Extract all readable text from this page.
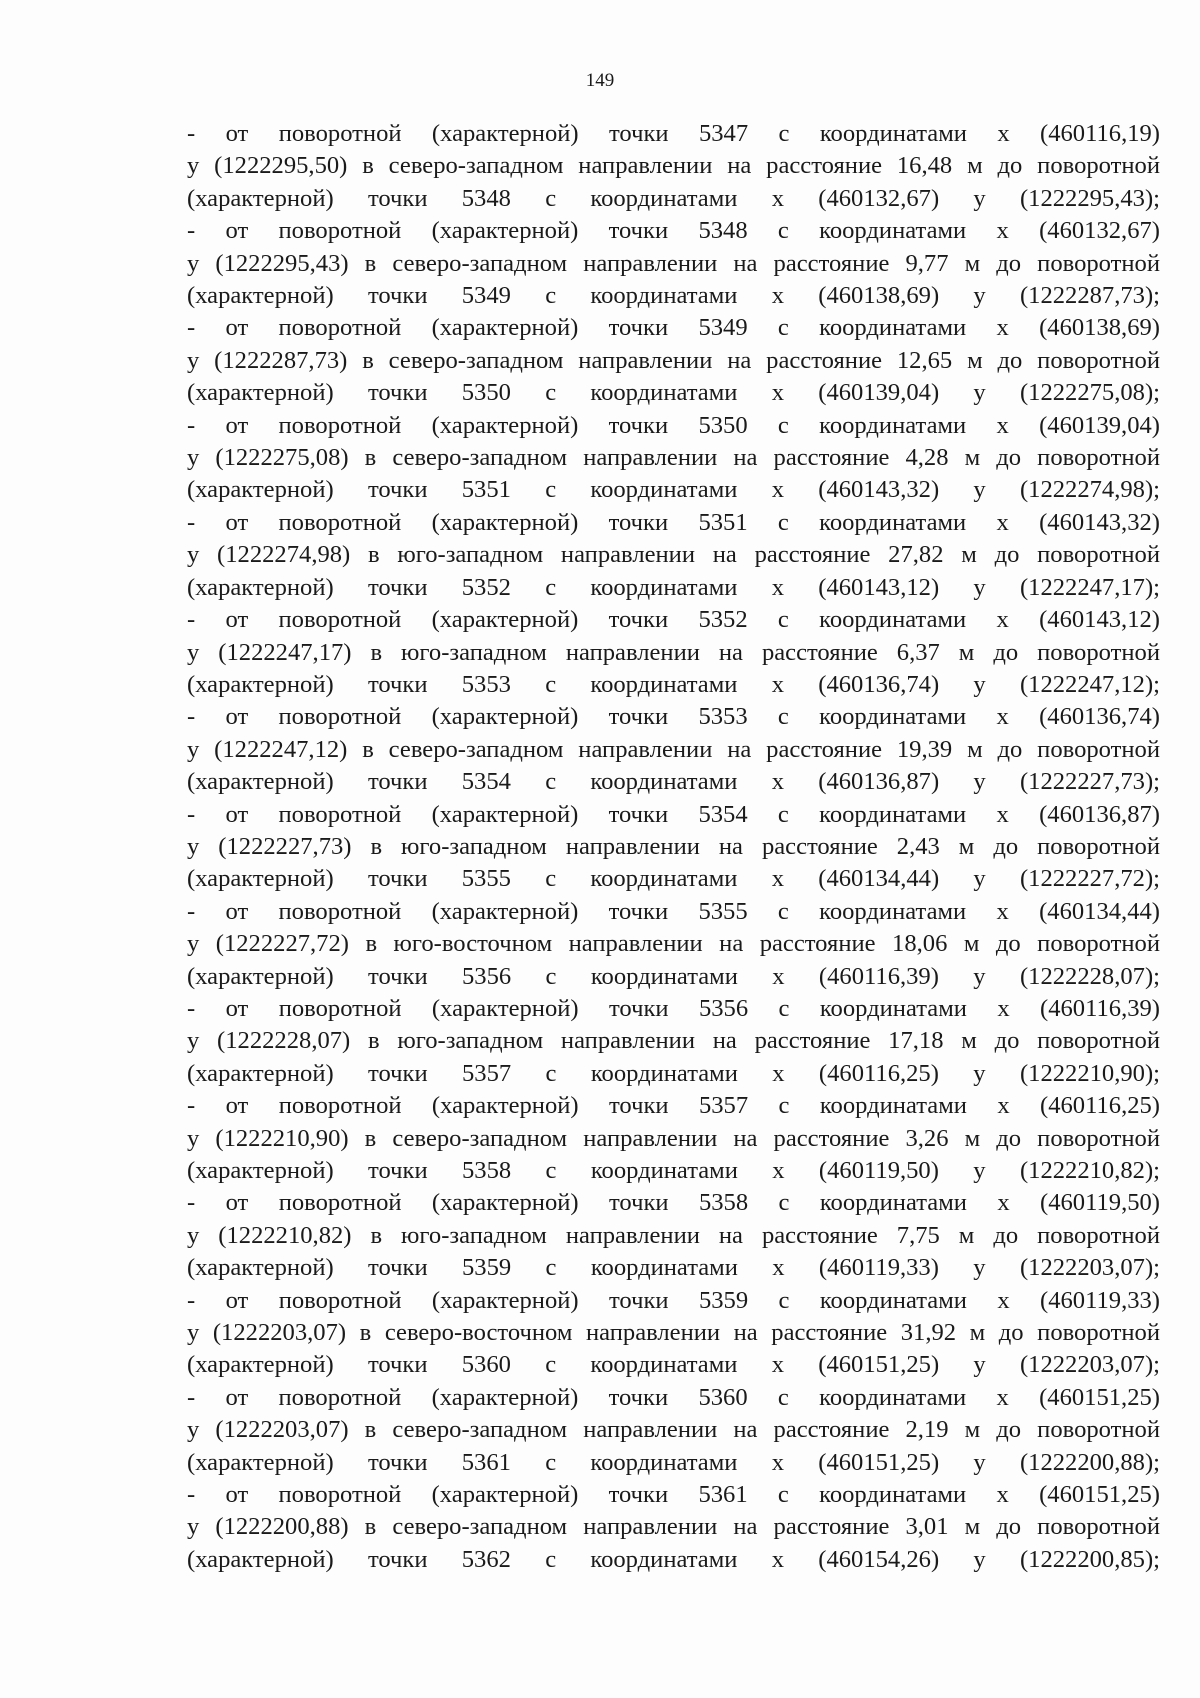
149

- от поворотной (характерной) точки 5347 с координатами х (460116,19)
у (1222295,50) в северо-западном направлении на расстояние 16,48 м до поворотной
(характерной) точки 5348 с координатами х (460132,67) у (1222295,43);

- от поворотной (характерной) точки 5348 с координатами х (460132,67)
у (1222295,43) в северо-западном направлении на расстояние 9,77 м до поворотной
(характерной) точки 5349 с координатами х (460138,69) у (1222287,73);

- от поворотной (характерной) точки 5349 с координатами х (460138,69)
у (1222287,73) в северо-западном направлении на расстояние 12,65 м до поворотной
(характерной) точки 5350 с координатами х (460139,04) у (1222275,08);

- от поворотной (характерной) точки 5350 с координатами х (460139,04)
у (1222275,08) в северо-западном направлении на расстояние 4,28 м до поворотной
(характерной) точки 5351 с координатами х (460143,32) у (1222274,98);

- от поворотной (характерной) точки 5351 с координатами х (460143,32)
у (1222274,98) в юго-западном направлении на расстояние 27,82 м до поворотной
(характерной) точки 5352 с координатами х (460143,12) у (1222247,17);

- от поворотной (характерной) точки 5352 с координатами х (460143,12)
у (1222247,17) в юго-западном направлении на расстояние 6,37 м до поворотной
(характерной) точки 5353 с координатами х (460136,74) у (1222247,12);

- от поворотной (характерной) точки 5353 с координатами х (460136,74)
у (1222247,12) в северо-западном направлении на расстояние 19,39 м до поворотной
(характерной) точки 5354 с координатами х (460136,87) у (1222227,73);

- от поворотной (характерной) точки 5354 с координатами х (460136,87)
у (1222227,73) в юго-западном направлении на расстояние 2,43 м до поворотной
(характерной) точки 5355 с координатами х (460134,44) у (1222227,72);

- от поворотной (характерной) точки 5355 с координатами х (460134,44)
у (1222227,72) в юго-восточном направлении на расстояние 18,06 м до поворотной
(характерной) точки 5356 с координатами х (460116,39) у (1222228,07);

- от поворотной (характерной) точки 5356 с координатами х (460116,39)
у (1222228,07) в юго-западном направлении на расстояние 17,18 м до поворотной
(характерной) точки 5357 с координатами х (460116,25) у (1222210,90);

- от поворотной (характерной) точки 5357 с координатами х (460116,25)
у (1222210,90) в северо-западном направлении на расстояние 3,26 м до поворотной
(характерной) точки 5358 с координатами х (460119,50) у (1222210,82);

- от поворотной (характерной) точки 5358 с координатами х (460119,50)
у (1222210,82) в юго-западном направлении на расстояние 7,75 м до поворотной
(характерной) точки 5359 с координатами х (460119,33) у (1222203,07);

- от поворотной (характерной) точки 5359 с координатами х (460119,33)
у (1222203,07) в северо-восточном направлении на расстояние 31,92 м до поворотной
(характерной) точки 5360 с координатами х (460151,25) у (1222203,07);

- от поворотной (характерной) точки 5360 с координатами х (460151,25)
у (1222203,07) в северо-западном направлении на расстояние 2,19 м до поворотной
(характерной) точки 5361 с координатами х (460151,25) у (1222200,88);

- от поворотной (характерной) точки 5361 с координатами х (460151,25)
у (1222200,88) в северо-западном направлении на расстояние 3,01 м до поворотной
(характерной) точки 5362 с координатами х (460154,26) у (1222200,85);
